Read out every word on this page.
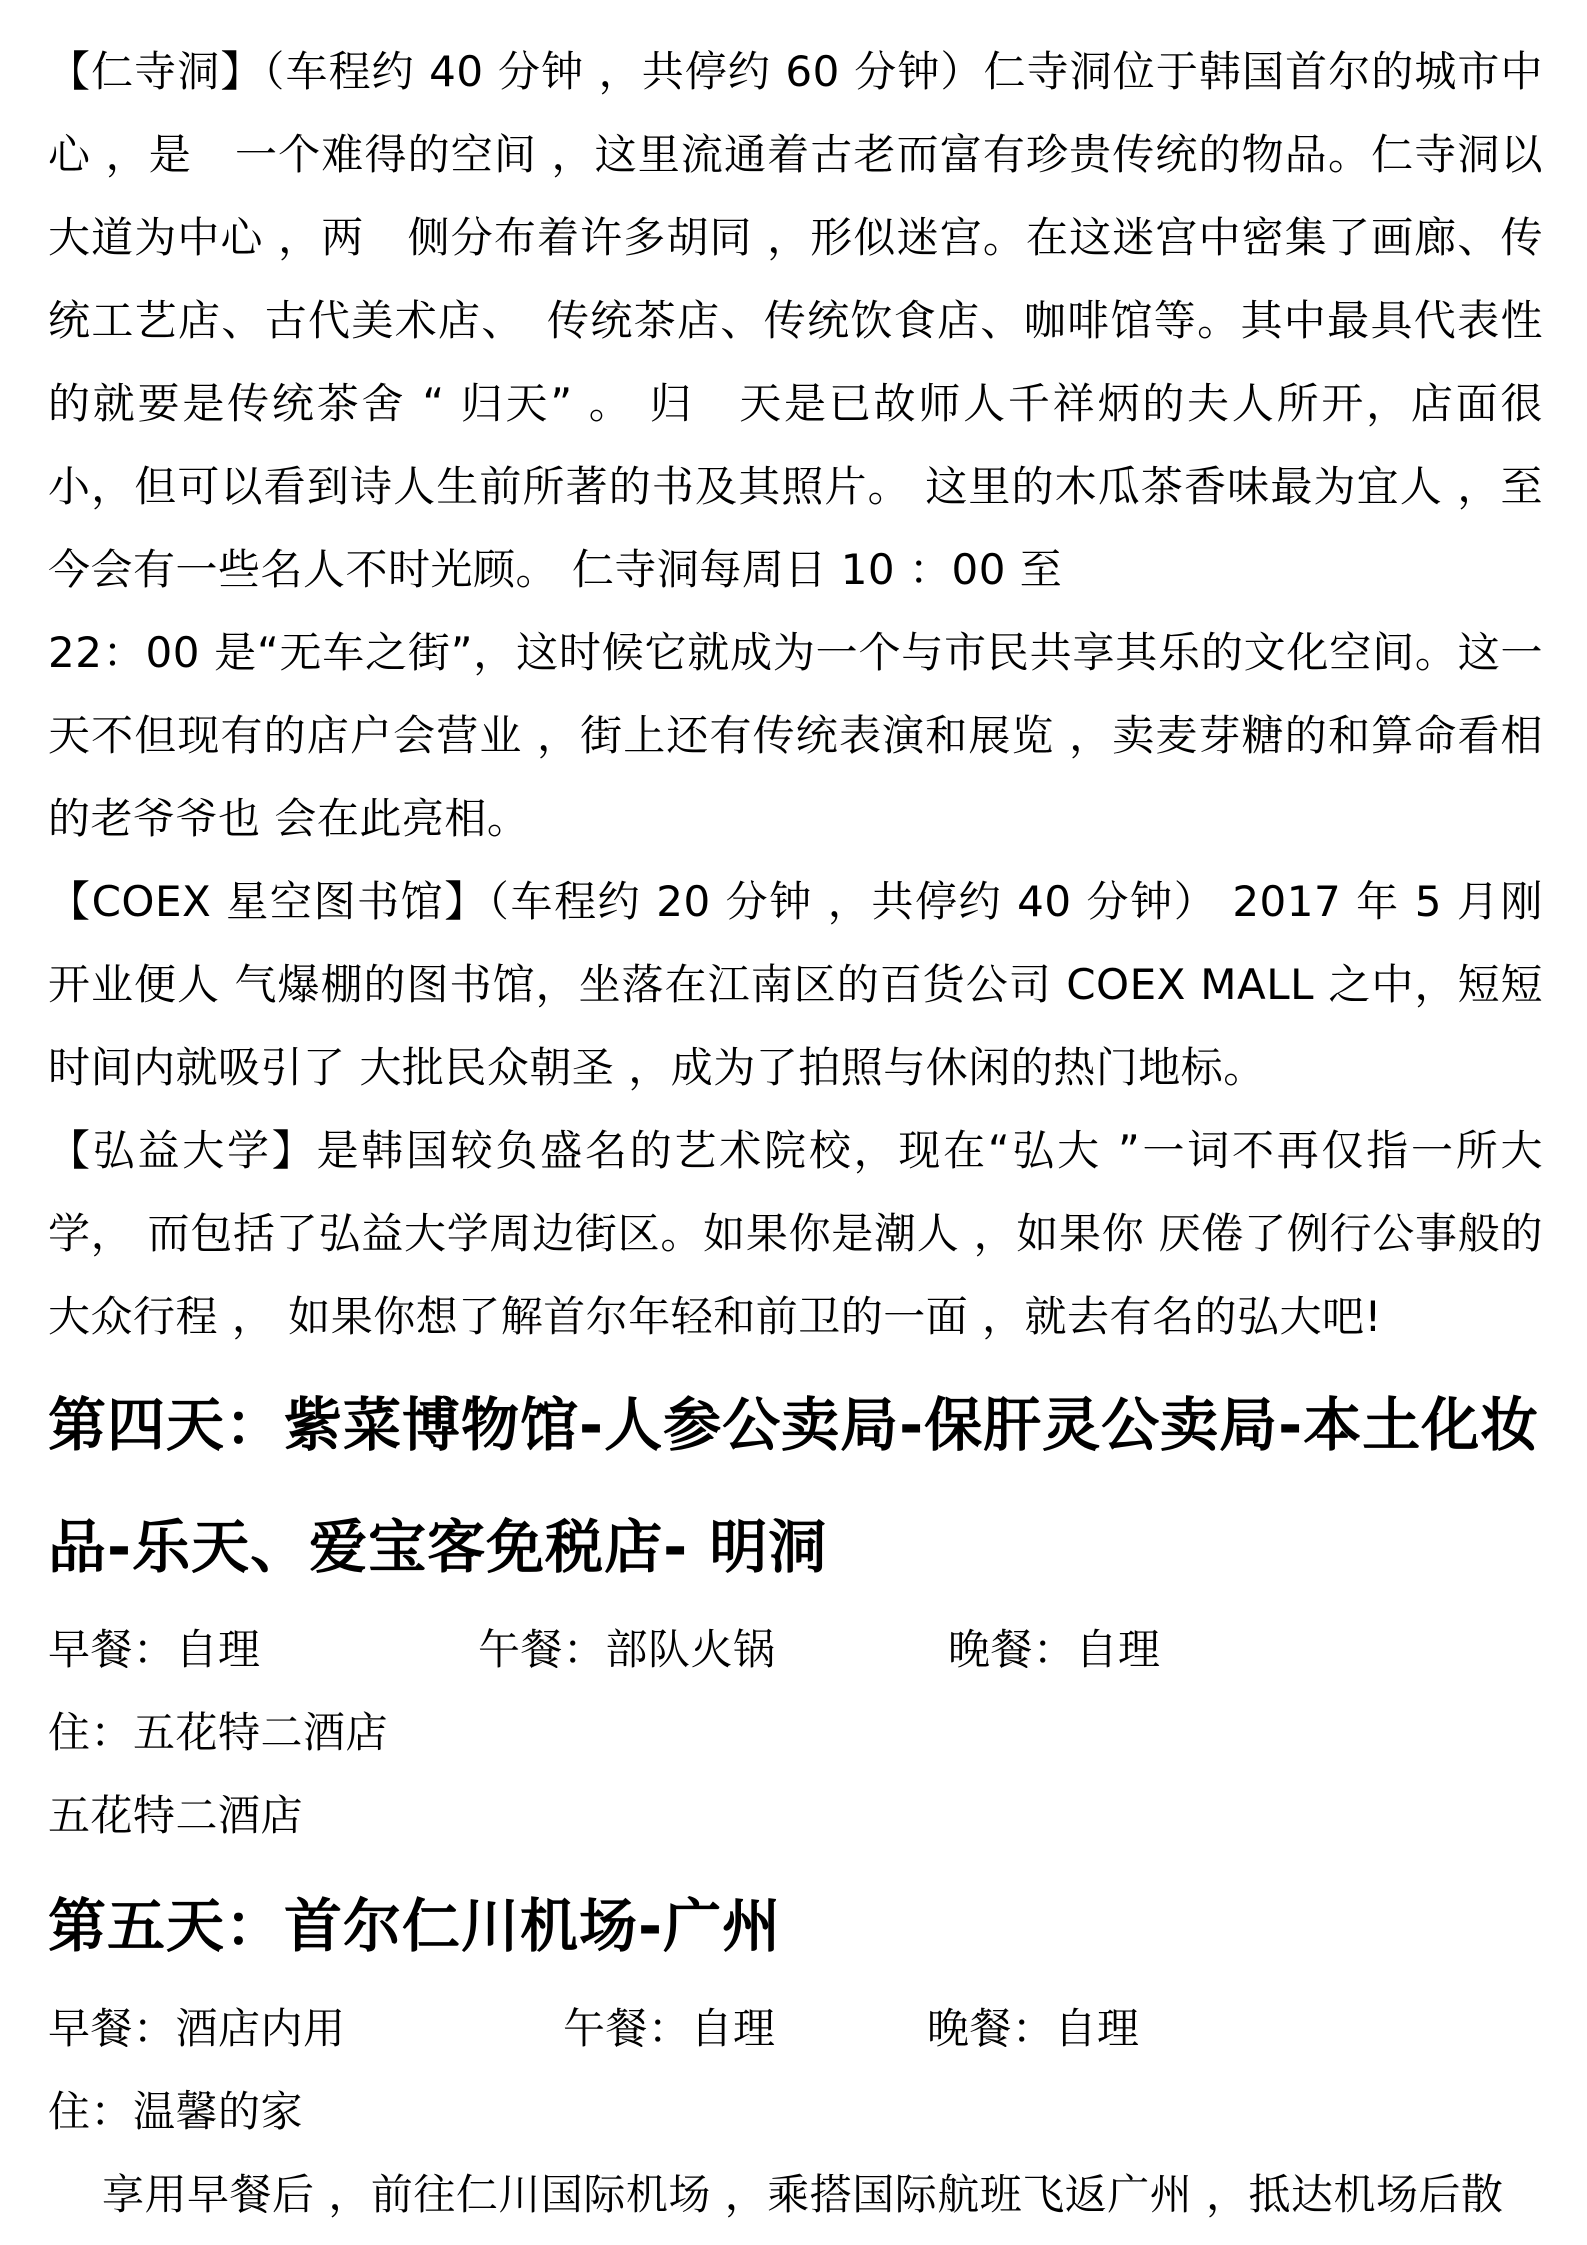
【仁寺洞】（车程约 40 分钟 ，共停约 60 分钟）仁寺洞位于韩国首尔的城市中心 ，是　一个难得的空间 ，这里流通着古老而富有珍贵传统的物品。仁寺洞以大道为中心 ，两　侧分布着许多胡同 ，形似迷宫。在这迷宫中密集了画廊、传统工艺店、古代美术店、　传统茶店、传统饮食店、咖啡馆等。其中最具代表性的就要是传统茶舍 “ 归天” 。 归　天是已故师人千祥炳的夫人所开，店面很小，但可以看到诗人生前所著的书及其照片。 这里的木瓜茶香味最为宜人 ，至今会有一些名人不时光顾。 仁寺洞每周日 10 ：00 至

22：00 是“无车之街”，这时候它就成为一个与市民共享其乐的文化空间。这一天不但现有的店户会营业 ，街上还有传统表演和展览 ，卖麦芽糖的和算命看相的老爷爷也 会在此亮相。

【COEX 星空图书馆】（车程约 20 分钟 ，共停约 40 分钟） 2017 年 5 月刚开业便人 气爆棚的图书馆，坐落在江南区的百货公司 COEX MALL 之中，短短时间内就吸引了 大批民众朝圣 ，成为了拍照与休闲的热门地标。

【弘益大学】是韩国较负盛名的艺术院校，现在“弘大 ”一词不再仅指一所大学， 而包括了弘益大学周边街区。如果你是潮人 ，如果你 厌倦了例行公事般的大众行程 ， 如果你想了解首尔年轻和前卫的一面 ，就去有名的弘大吧!

第四天：紫菜博物馆-人参公卖局-保肝灵公卖局-本土化妆品-乐天、爱宝客免税店- 明洞
早餐：自理	午餐：部队火锅	晚餐：自理

住：五花特二酒店

五花特二酒店

第五天：首尔仁川机场-广州
早餐：酒店内用	午餐：自理	晚餐：自理

住：温馨的家

享用早餐后 ，前往仁川国际机场 ，乘搭国际航班飞返广州 ，抵达机场后散
